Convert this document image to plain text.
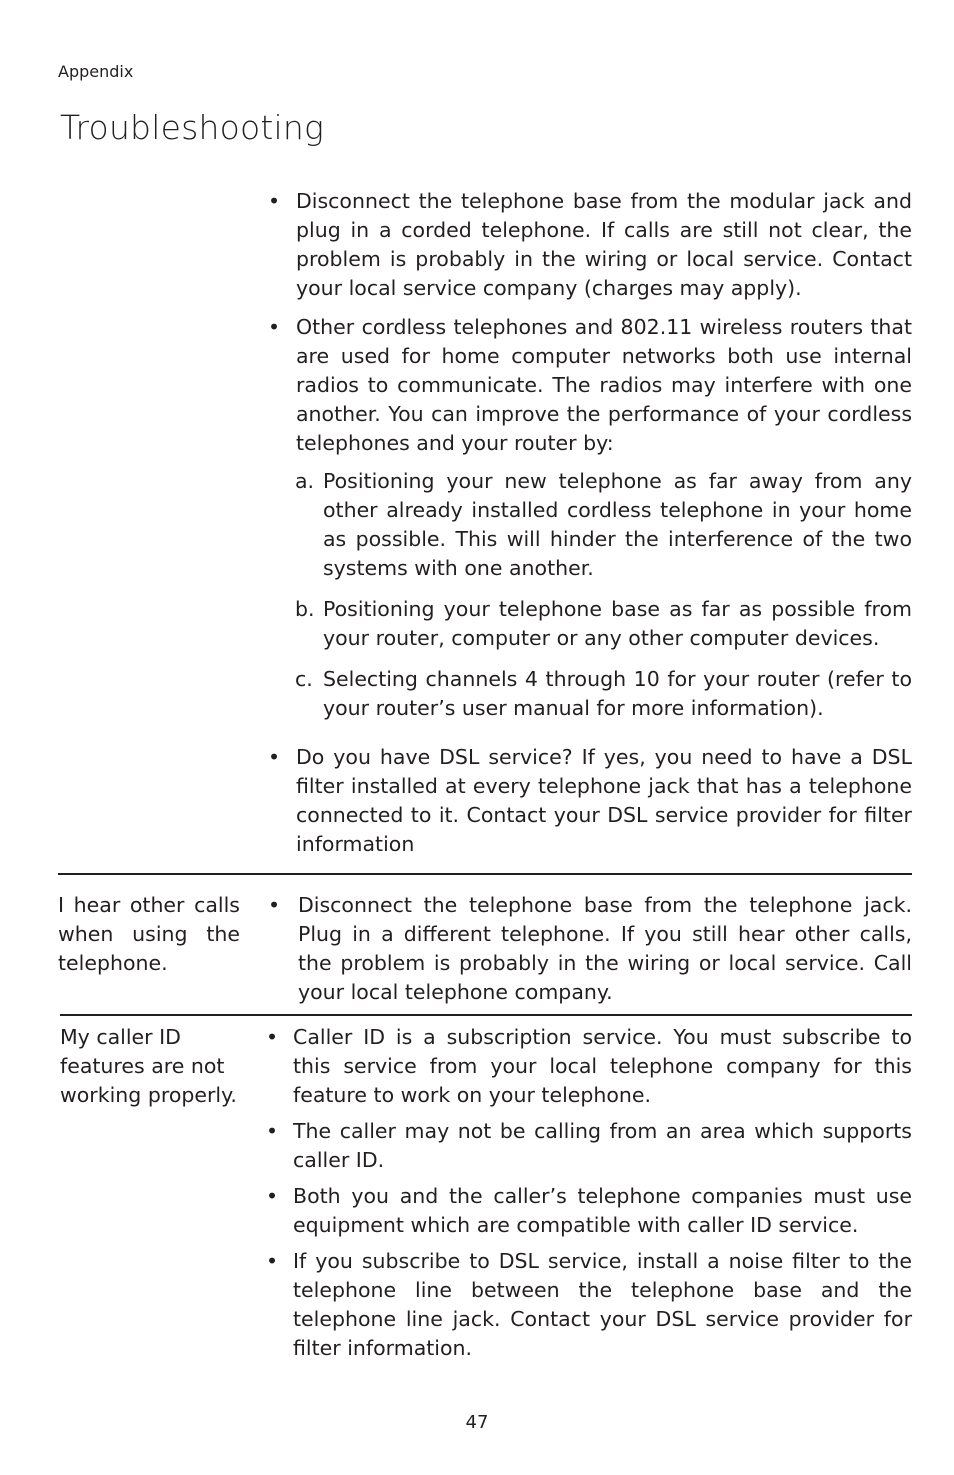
Appendix
Troubleshooting

• Disconnect the telephone base from the modular jack and plug in a corded telephone. If calls are still not clear, the problem is probably in the wiring or local service. Contact your local service company (charges may apply).

• Other cordless telephones and 802.11 wireless routers that are used for home computer networks both use internal radios to communicate. The radios may interfere with one another. You can improve the performance of your cordless telephones and your router by:

a. Positioning your new telephone as far away from any other already installed cordless telephone in your home as possible. This will hinder the interference of the two systems with one another.

b. Positioning your telephone base as far as possible from your router, computer or any other computer devices.

c. Selecting channels 4 through 10 for your router (refer to your router’s user manual for more information).

• Do you have DSL service? If yes, you need to have a DSL filter installed at every telephone jack that has a telephone connected to it. Contact your DSL service provider for filter information

I hear other calls when using the telephone.

• Disconnect the telephone base from the telephone jack. Plug in a different telephone. If you still hear other calls, the problem is probably in the wiring or local service. Call your local telephone company.

My caller ID features are not working properly.

• Caller ID is a subscription service. You must subscribe to this service from your local telephone company for this feature to work on your telephone.

• The caller may not be calling from an area which supports caller ID.

• Both you and the caller’s telephone companies must use equipment which are compatible with caller ID service.

• If you subscribe to DSL service, install a noise filter to the telephone line between the telephone base and the telephone line jack. Contact your DSL service provider for filter information.

47
